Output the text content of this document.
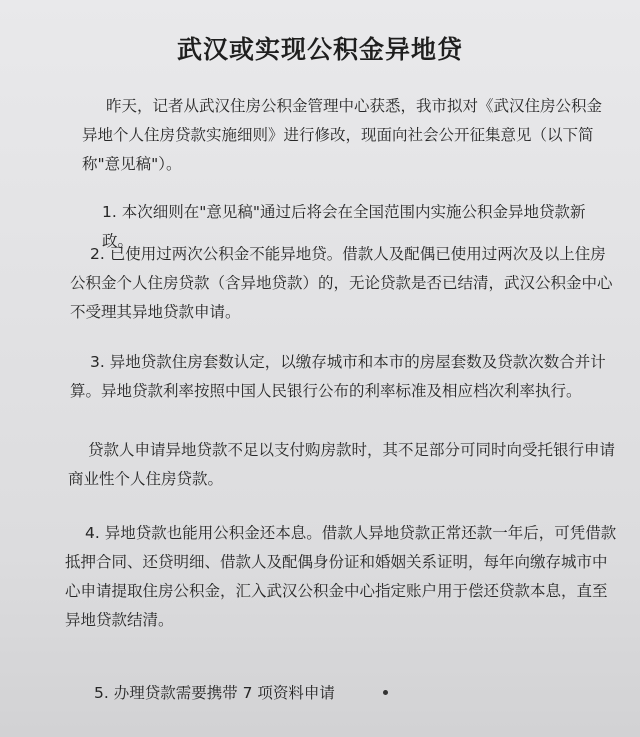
武汉或实现公积金异地贷

昨天，记者从武汉住房公积金管理中心获悉，我市拟对《武汉住房公积金异地个人住房贷款实施细则》进行修改，现面向社会公开征集意见（以下简称"意见稿"）。

1. 本次细则在"意见稿"通过后将会在全国范围内实施公积金异地贷款新政。

2. 已使用过两次公积金不能异地贷。借款人及配偶已使用过两次及以上住房公积金个人住房贷款（含异地贷款）的，无论贷款是否已结清，武汉公积金中心不受理其异地贷款申请。

3. 异地贷款住房套数认定，以缴存城市和本市的房屋套数及贷款次数合并计算。异地贷款利率按照中国人民银行公布的利率标准及相应档次利率执行。

贷款人申请异地贷款不足以支付购房款时，其不足部分可同时向受托银行申请商业性个人住房贷款。

4. 异地贷款也能用公积金还本息。借款人异地贷款正常还款一年后，可凭借款抵押合同、还贷明细、借款人及配偶身份证和婚姻关系证明，每年向缴存城市中心申请提取住房公积金，汇入武汉公积金中心指定账户用于偿还贷款本息，直至异地贷款结清。

5. 办理贷款需要携带 7 项资料申请
